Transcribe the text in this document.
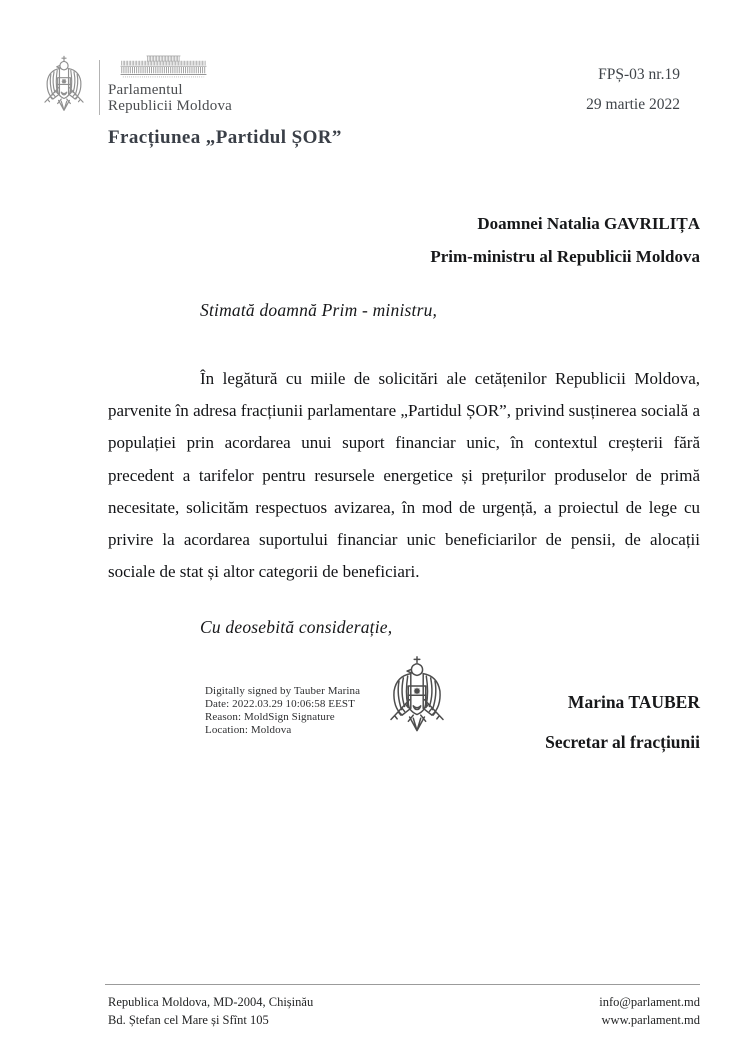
Parlamentul
Republicii Moldova
FPȘ-03 nr.19
29 martie 2022
Fracțiunea „Partidul ȘOR”
Doamnei Natalia GAVRILIȚA
Prim-ministru al Republicii Moldova

Stimată doamnă Prim - ministru,

În legătură cu miile de solicitări ale cetățenilor Republicii Moldova, parvenite în adresa fracțiunii parlamentare „Partidul ȘOR”, privind susținerea socială a populației prin acordarea unui suport financiar unic, în contextul creșterii fără precedent a tarifelor pentru resursele energetice și prețurilor produselor de primă necesitate, solicităm respectuos avizarea, în mod de urgență, a proiectul de lege cu privire la acordarea suportului financiar unic beneficiarilor de pensii, de alocații sociale de stat și altor categorii de beneficiari.

Cu deosebită considerație,

Digitally signed by Tauber Marina
Date: 2022.03.29 10:06:58 EEST
Reason: MoldSign Signature
Location: Moldova
Marina TAUBER
Secretar al fracțiunii
Republica Moldova, MD-2004, Chișinău
Bd. Ștefan cel Mare și Sfînt 105
info@parlament.md
www.parlament.md
